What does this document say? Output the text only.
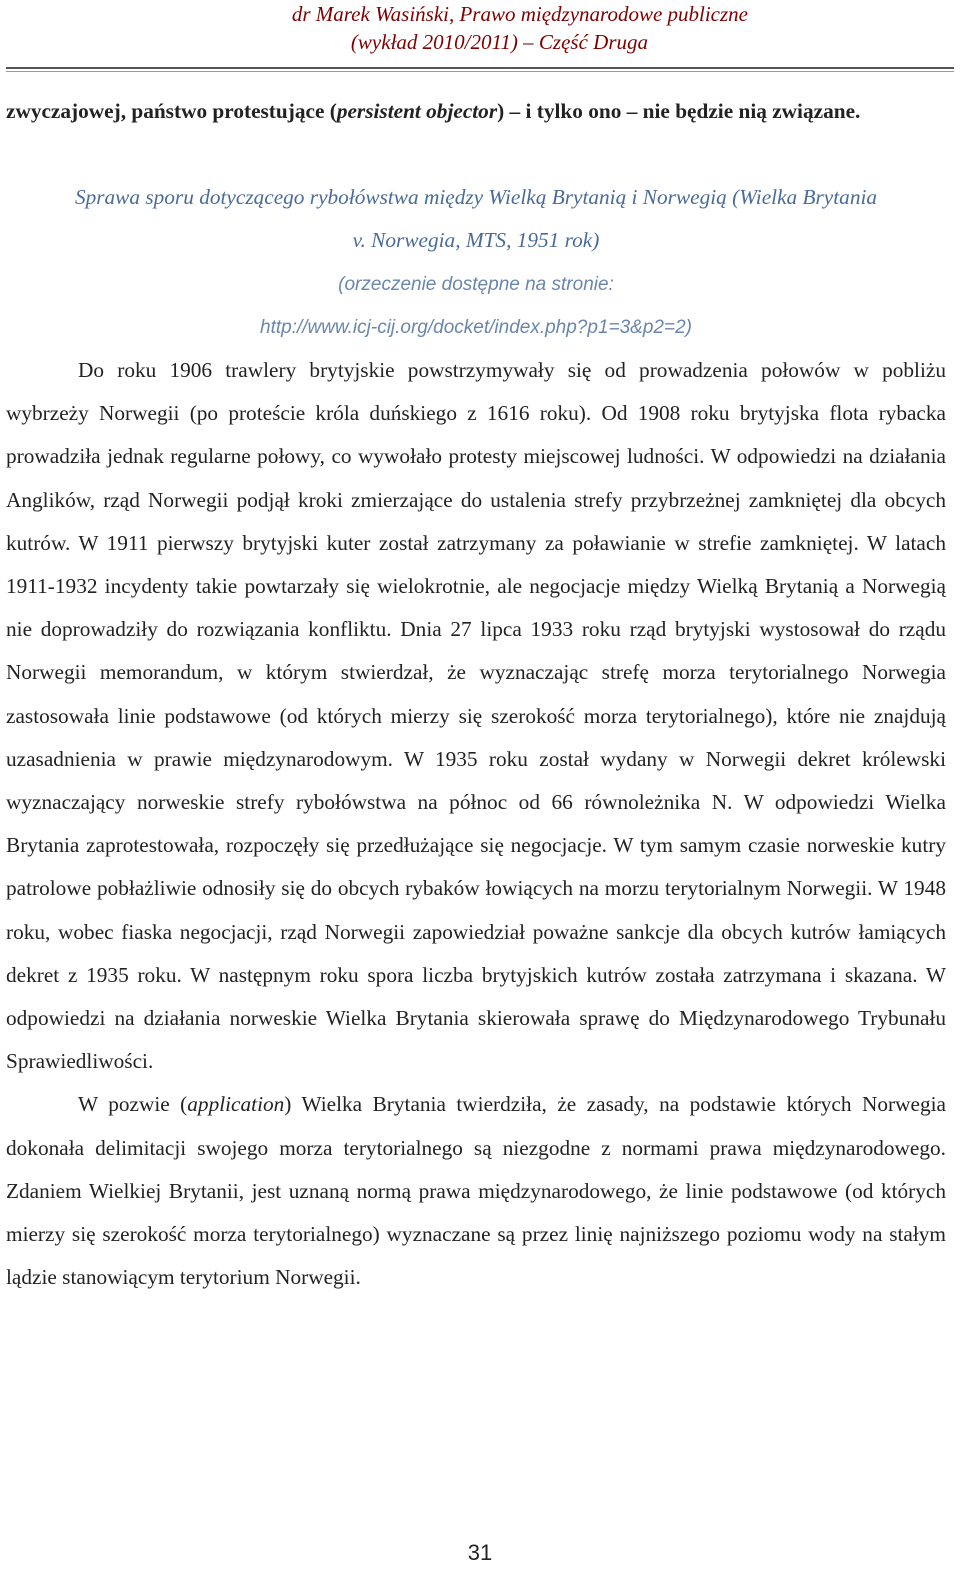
dr Marek Wasiński, Prawo międzynarodowe publiczne
(wykład 2010/2011) – Część Druga

zwyczajowej, państwo protestujące (persistent objector) – i tylko ono – nie będzie nią związane.

Sprawa sporu dotyczącego rybołówstwa między Wielką Brytanią i Norwegią (Wielka Brytania
v. Norwegia, MTS, 1951 rok)
(orzeczenie dostępne na stronie:
http://www.icj-cij.org/docket/index.php?p1=3&p2=2)

Do roku 1906 trawlery brytyjskie powstrzymywały się od prowadzenia połowów w pobliżu wybrzeży Norwegii (po proteście króla duńskiego z 1616 roku). Od 1908 roku brytyjska flota rybacka prowadziła jednak regularne połowy, co wywołało protesty miejscowej ludności. W odpowiedzi na działania Anglików, rząd Norwegii podjął kroki zmierzające do ustalenia strefy przybrzeżnej zamkniętej dla obcych kutrów. W 1911 pierwszy brytyjski kuter został zatrzymany za poławianie w strefie zamkniętej. W latach 1911-1932 incydenty takie powtarzały się wielokrotnie, ale negocjacje między Wielką Brytanią a Norwegią nie doprowadziły do rozwiązania konfliktu. Dnia 27 lipca 1933 roku rząd brytyjski wystosował do rządu Norwegii memorandum, w którym stwierdzał, że wyznaczając strefę morza terytorialnego Norwegia zastosowała linie podstawowe (od których mierzy się szerokość morza terytorialnego), które nie znajdują uzasadnienia w prawie międzynarodowym. W 1935 roku został wydany w Norwegii dekret królewski wyznaczający norweskie strefy rybołówstwa na północ od 66 równoleżnika N. W odpowiedzi Wielka Brytania zaprotestowała, rozpoczęły się przedłużające się negocjacje. W tym samym czasie norweskie kutry patrolowe pobłażliwie odnosiły się do obcych rybaków łowiących na morzu terytorialnym Norwegii. W 1948 roku, wobec fiaska negocjacji, rząd Norwegii zapowiedział poważne sankcje dla obcych kutrów łamiących dekret z 1935 roku. W następnym roku spora liczba brytyjskich kutrów została zatrzymana i skazana. W odpowiedzi na działania norweskie Wielka Brytania skierowała sprawę do Międzynarodowego Trybunału Sprawiedliwości.

W pozwie (application) Wielka Brytania twierdziła, że zasady, na podstawie których Norwegia dokonała delimitacji swojego morza terytorialnego są niezgodne z normami prawa międzynarodowego. Zdaniem Wielkiej Brytanii, jest uznaną normą prawa międzynarodowego, że linie podstawowe (od których mierzy się szerokość morza terytorialnego) wyznaczane są przez linię najniższego poziomu wody na stałym lądzie stanowiącym terytorium Norwegii.

31
